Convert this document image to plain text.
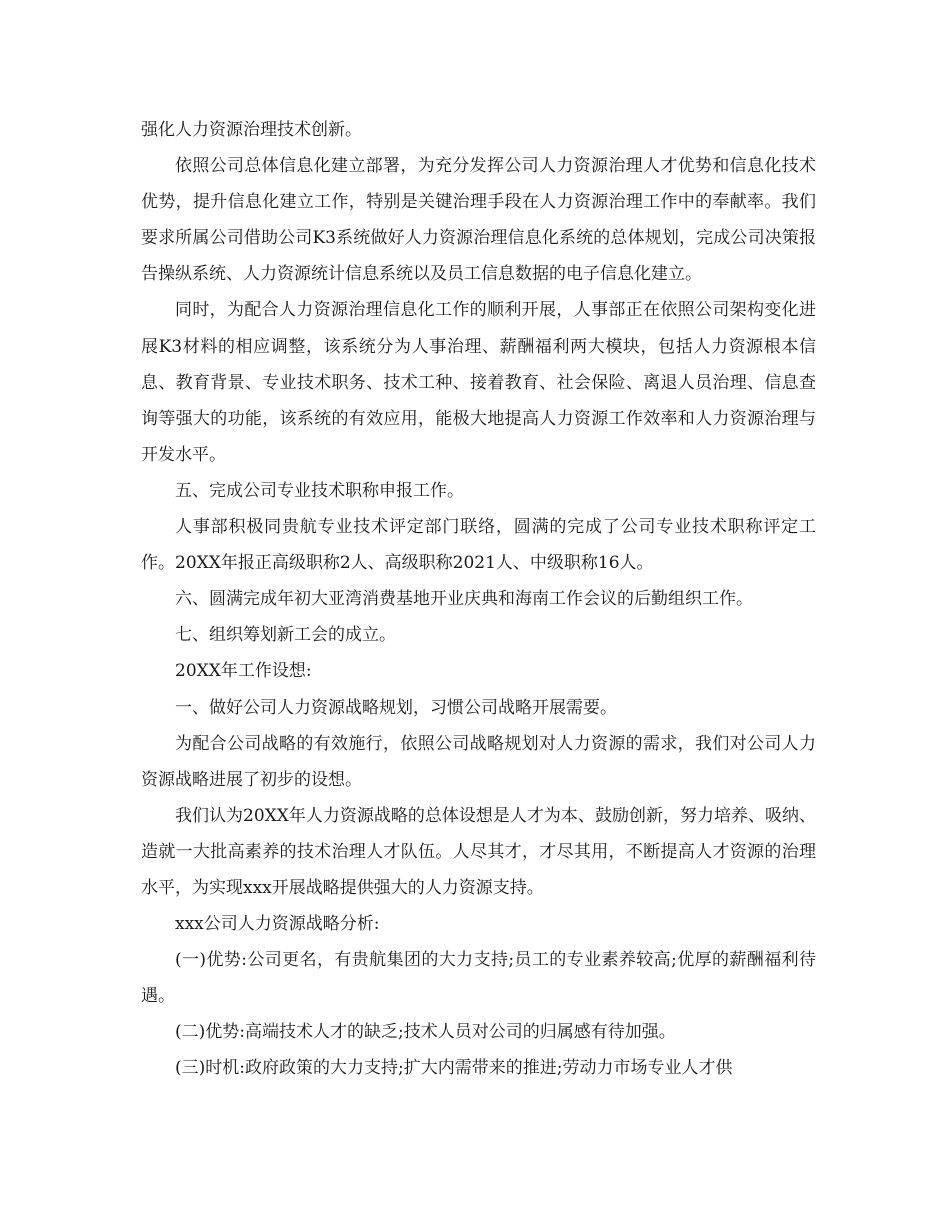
强化人力资源治理技术创新。

依照公司总体信息化建立部署，为充分发挥公司人力资源治理人才优势和信息化技术优势，提升信息化建立工作，特别是关键治理手段在人力资源治理工作中的奉献率。我们要求所属公司借助公司K3系统做好人力资源治理信息化系统的总体规划，完成公司决策报告操纵系统、人力资源统计信息系统以及员工信息数据的电子信息化建立。

同时，为配合人力资源治理信息化工作的顺利开展，人事部正在依照公司架构变化进展K3材料的相应调整，该系统分为人事治理、薪酬福利两大模块，包括人力资源根本信息、教育背景、专业技术职务、技术工种、接着教育、社会保险、离退人员治理、信息查询等强大的功能，该系统的有效应用，能极大地提高人力资源工作效率和人力资源治理与开发水平。

五、完成公司专业技术职称申报工作。

人事部积极同贵航专业技术评定部门联络，圆满的完成了公司专业技术职称评定工作。20XX年报正高级职称2人、高级职称2021人、中级职称16人。

六、圆满完成年初大亚湾消费基地开业庆典和海南工作会议的后勤组织工作。

七、组织筹划新工会的成立。

20XX年工作设想:

一、做好公司人力资源战略规划，习惯公司战略开展需要。

为配合公司战略的有效施行，依照公司战略规划对人力资源的需求，我们对公司人力资源战略进展了初步的设想。

我们认为20XX年人力资源战略的总体设想是人才为本、鼓励创新，努力培养、吸纳、造就一大批高素养的技术治理人才队伍。人尽其才，才尽其用，不断提高人才资源的治理水平，为实现xxx开展战略提供强大的人力资源支持。

xxx公司人力资源战略分析:

(一)优势:公司更名，有贵航集团的大力支持;员工的专业素养较高;优厚的薪酬福利待遇。

(二)优势:高端技术人才的缺乏;技术人员对公司的归属感有待加强。

(三)时机:政府政策的大力支持;扩大内需带来的推进;劳动力市场专业人才供
